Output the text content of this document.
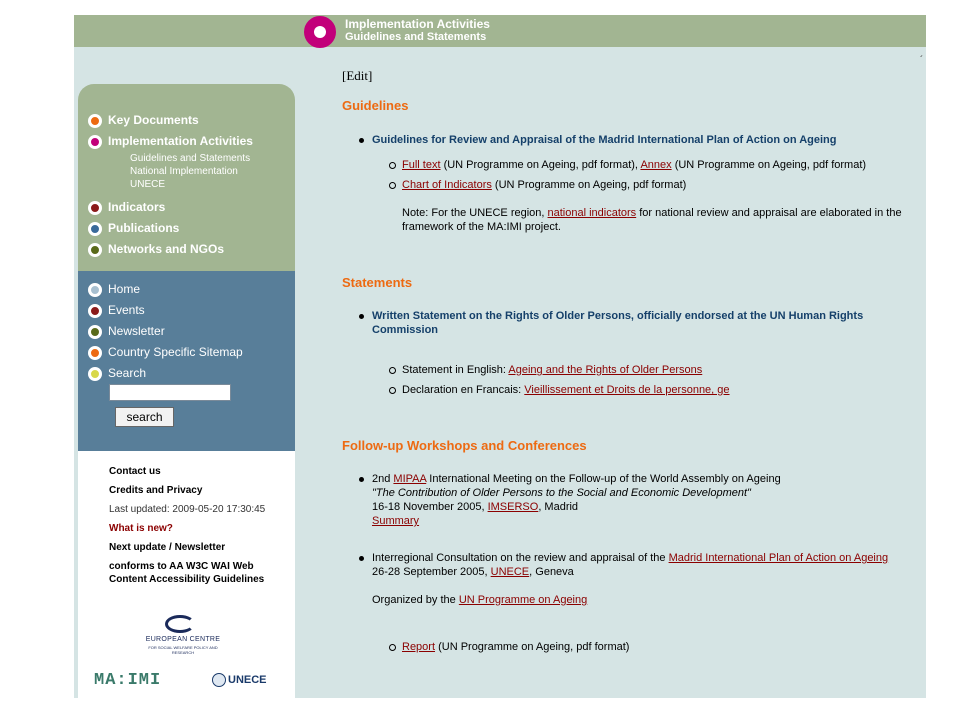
Implementation Activities
Guidelines and Statements
Key Documents
Implementation Activities
Guidelines and Statements
National Implementation
UNECE
Indicators
Publications
Networks and NGOs
Home
Events
Newsletter
Country Specific Sitemap
Search
search
Contact us
Credits and Privacy
Last updated: 2009-05-20 17:30:45
What is new?
Next update / Newsletter
conforms to AA W3C WAI Web
Content Accessibility Guidelines
EUROPEAN CENTRE
FOR SOCIAL WELFARE POLICY AND RESEARCH
MA:IMI	UNECE
[Edit]
Guidelines
Guidelines for Review and Appraisal of the Madrid International Plan of Action on Ageing
Full text (UN Programme on Ageing, pdf format), Annex (UN Programme on Ageing, pdf format)
Chart of Indicators (UN Programme on Ageing, pdf format)
Note: For the UNECE region, national indicators for national review and appraisal are elaborated in the framework of the MA:IMI project.
Statements
Written Statement on the Rights of Older Persons, officially endorsed at the UN Human Rights Commission
Statement in English: Ageing and the Rights of Older Persons
Declaration en Francais: Vieillissement et Droits de la personne, ge
Follow-up Workshops and Conferences
2nd MIPAA International Meeting on the Follow-up of the World Assembly on Ageing
"The Contribution of Older Persons to the Social and Economic Development"
16-18 November 2005, IMSERSO, Madrid
Summary
Interregional Consultation on the review and appraisal of the Madrid International Plan of Action on Ageing
26-28 September 2005, UNECE, Geneva
Organized by the UN Programme on Ageing
Report (UN Programme on Ageing, pdf format)
´
